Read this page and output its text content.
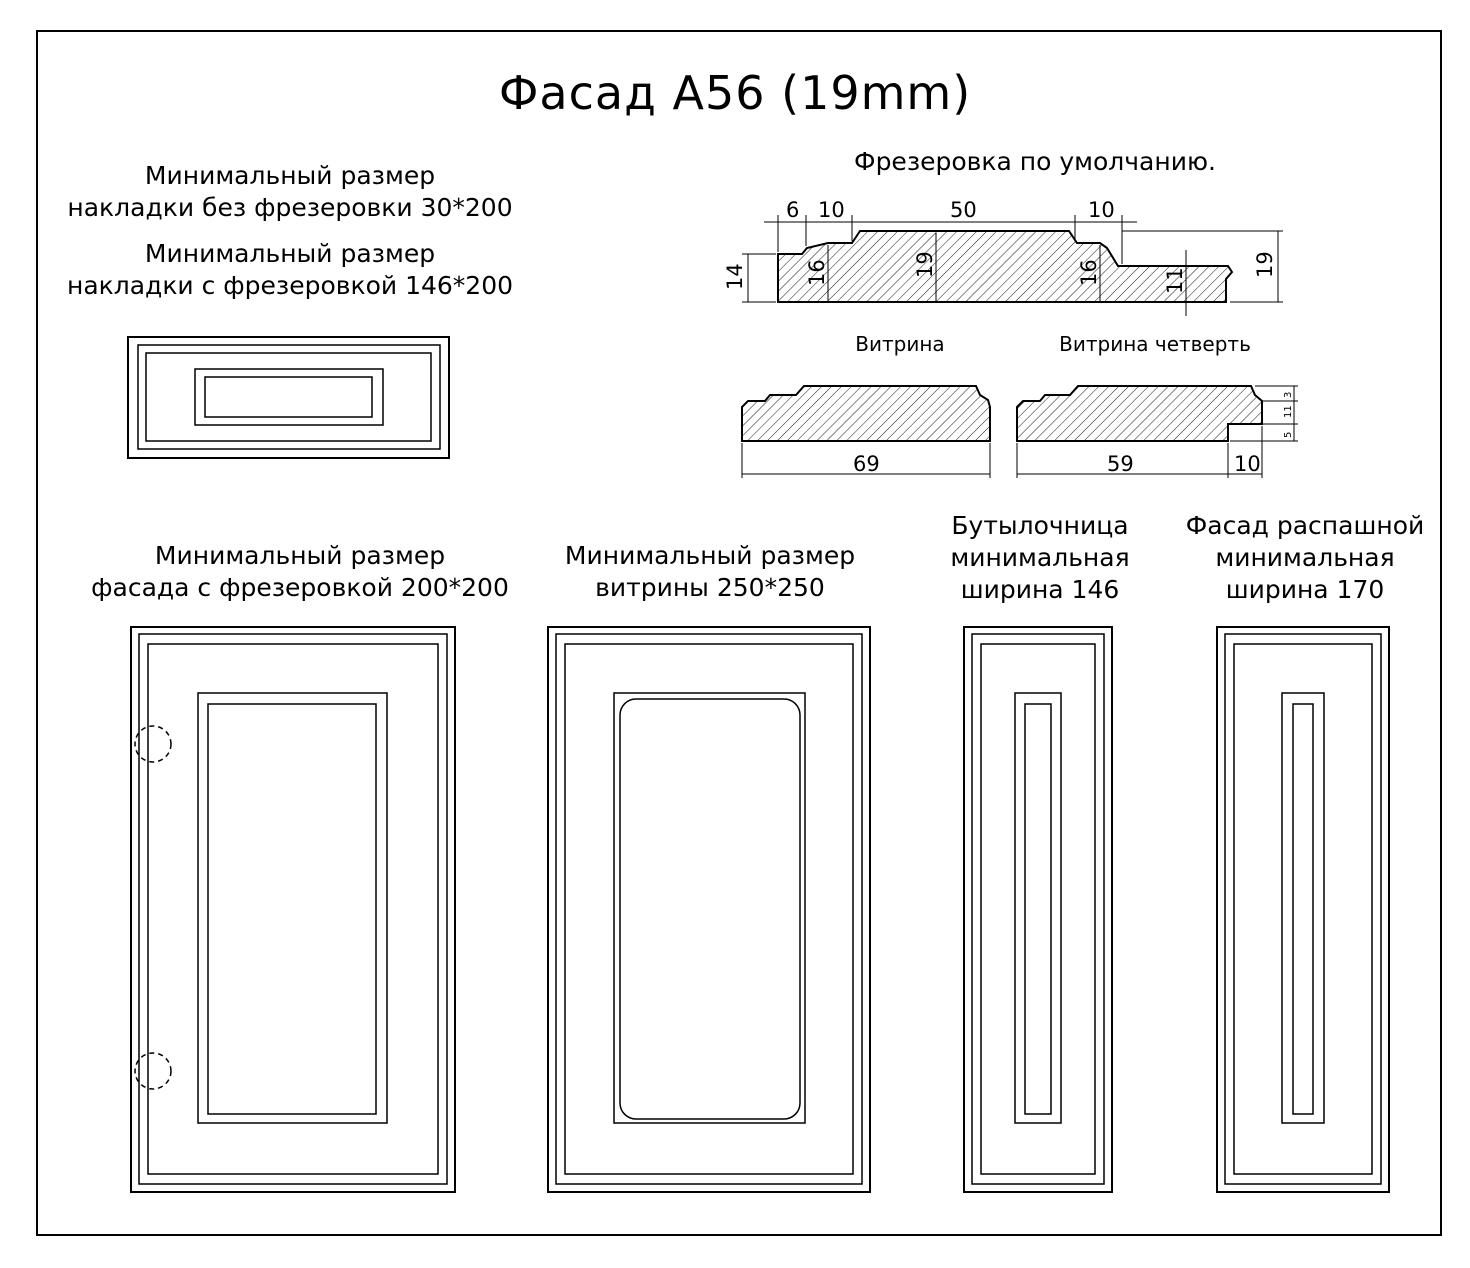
Фасад А56 (19mm)
Минимальный размер
накладки без фрезеровки 30*200
Минимальный размер
накладки с фрезеровкой 146*200
Фрезеровка по умолчанию.
Витрина	Витрина четверть
Минимальный размер
фасада с фрезеровкой 200*200
Минимальный размер
витрины 250*250
Бутылочница
минимальная
ширина 146
Фасад распашной
минимальная
ширина 170
6 10	50	10
14	16	19	16	11
19
69	59	10
3
11
5
